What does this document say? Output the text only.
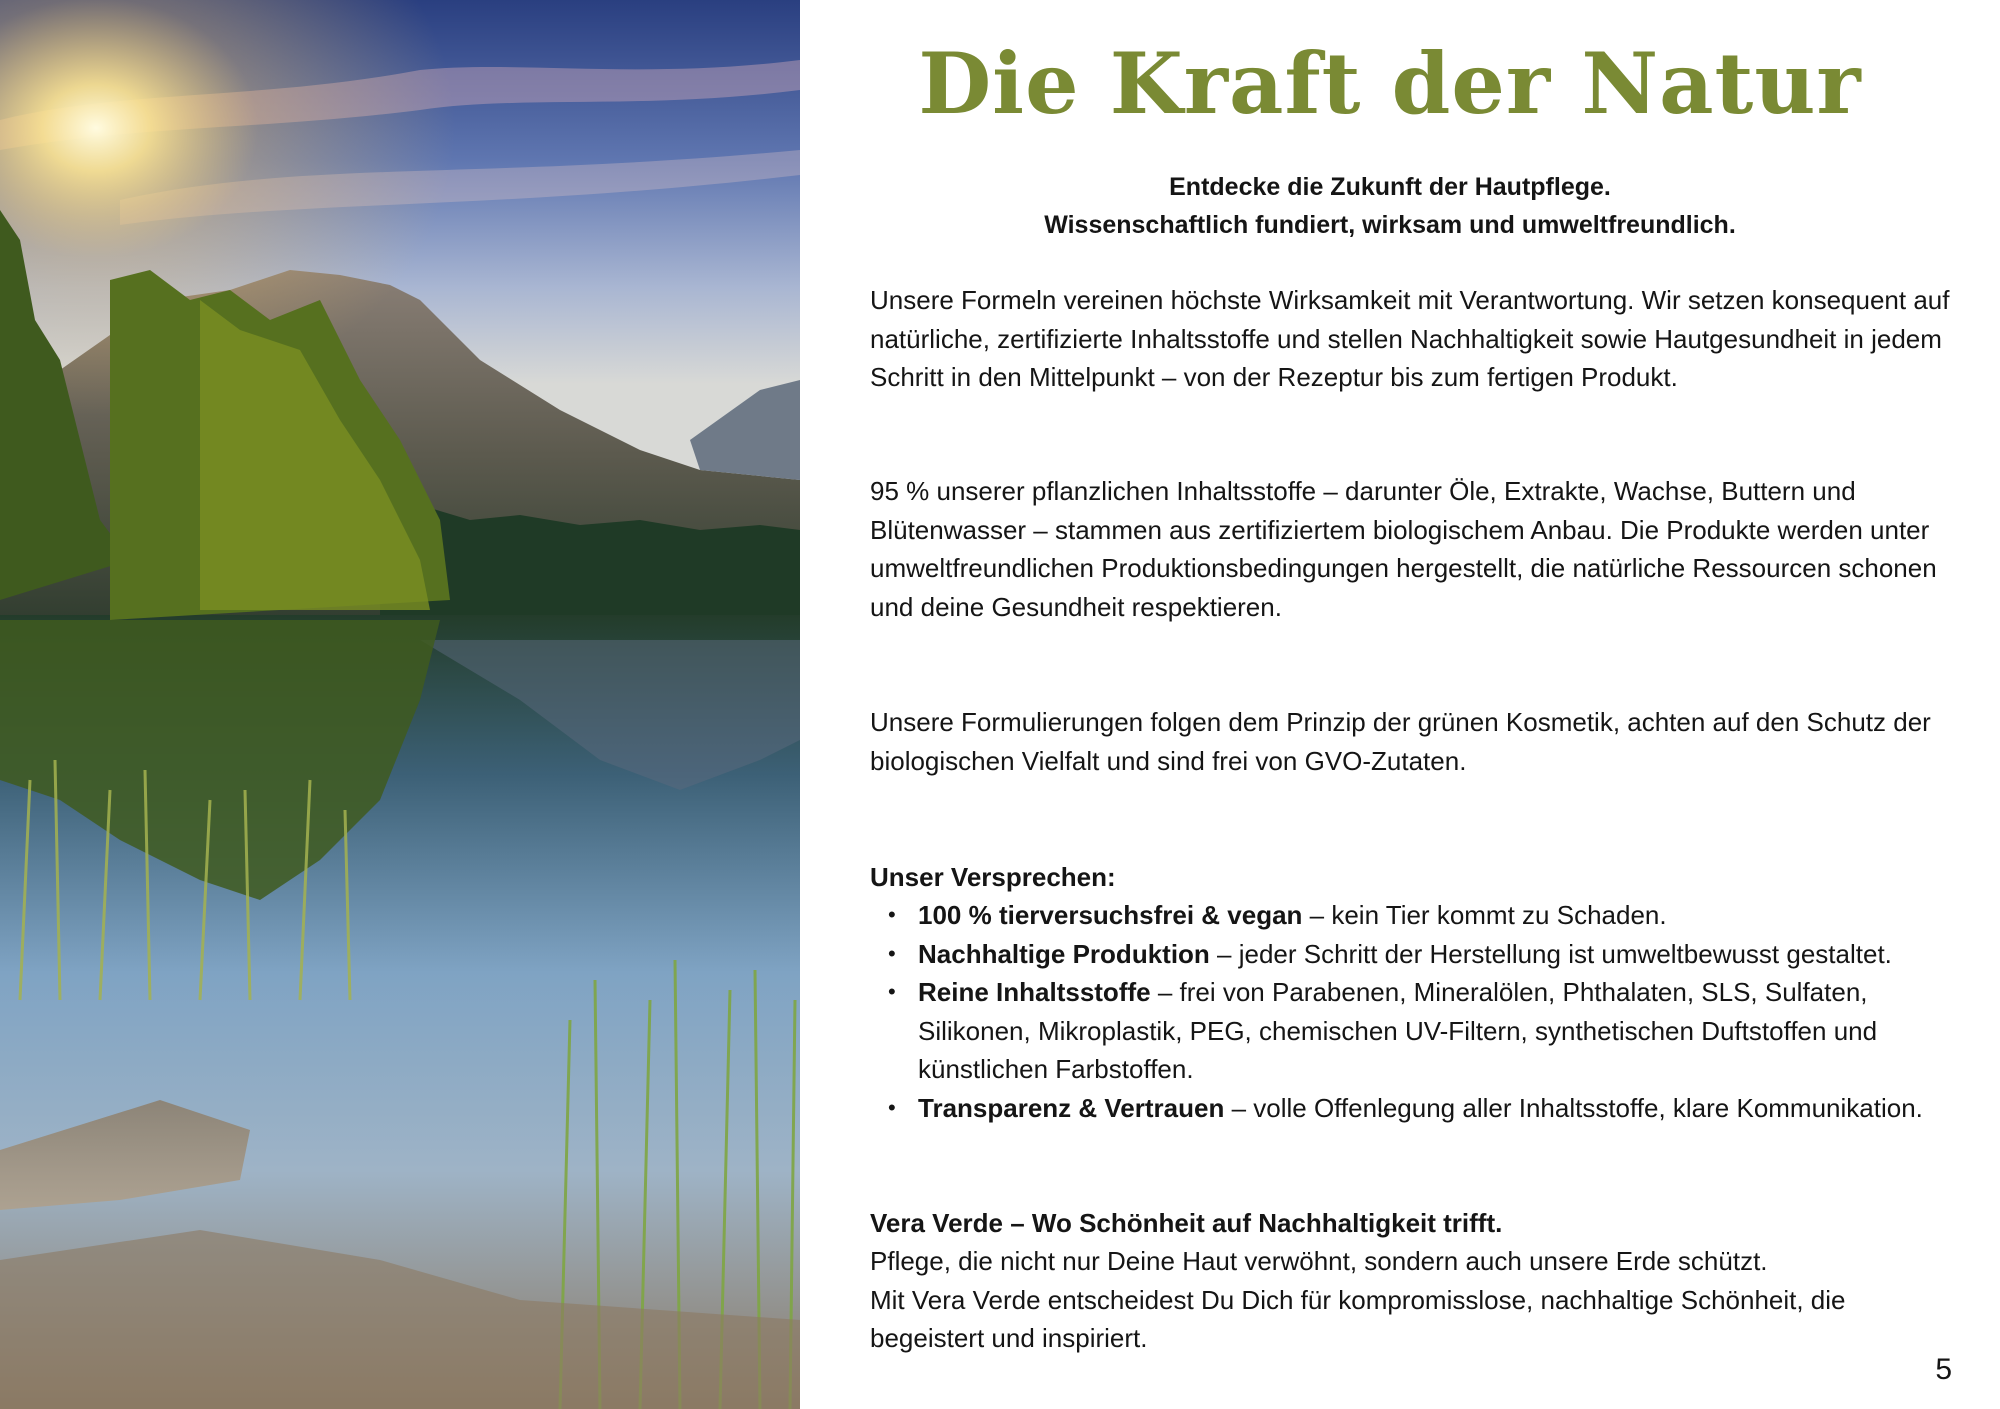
Die Kraft der Natur

Entdecke die Zukunft der Hautpflege.
Wissenschaftlich fundiert, wirksam und umweltfreundlich.

Unsere Formeln vereinen höchste Wirksamkeit mit Verantwortung. Wir setzen konsequent auf natürliche, zertifizierte Inhaltsstoffe und stellen Nachhaltigkeit sowie Hautgesundheit in jedem Schritt in den Mittelpunkt – von der Rezeptur bis zum fertigen Produkt.

95 % unserer pflanzlichen Inhaltsstoffe – darunter Öle, Extrakte, Wachse, Buttern und Blütenwasser – stammen aus zertifiziertem biologischem Anbau. Die Produkte werden unter umweltfreundlichen Produktionsbedingungen hergestellt, die natürliche Ressourcen schonen und deine Gesundheit respektieren.

Unsere Formulierungen folgen dem Prinzip der grünen Kosmetik, achten auf den Schutz der biologischen Vielfalt und sind frei von GVO-Zutaten.

Unser Versprechen:

• 100 % tierversuchsfrei & vegan – kein Tier kommt zu Schaden.
• Nachhaltige Produktion – jeder Schritt der Herstellung ist umweltbewusst gestaltet.
• Reine Inhaltsstoffe – frei von Parabenen, Mineralölen, Phthalaten, SLS, Sulfaten, Silikonen, Mikroplastik, PEG, chemischen UV-Filtern, synthetischen Duftstoffen und künstlichen Farbstoffen.
• Transparenz & Vertrauen – volle Offenlegung aller Inhaltsstoffe, klare Kommunikation.

Vera Verde – Wo Schönheit auf Nachhaltigkeit trifft.

Pflege, die nicht nur Deine Haut verwöhnt, sondern auch unsere Erde schützt.
Mit Vera Verde entscheidest Du Dich für kompromisslose, nachhaltige Schönheit, die begeistert und inspiriert.

5
